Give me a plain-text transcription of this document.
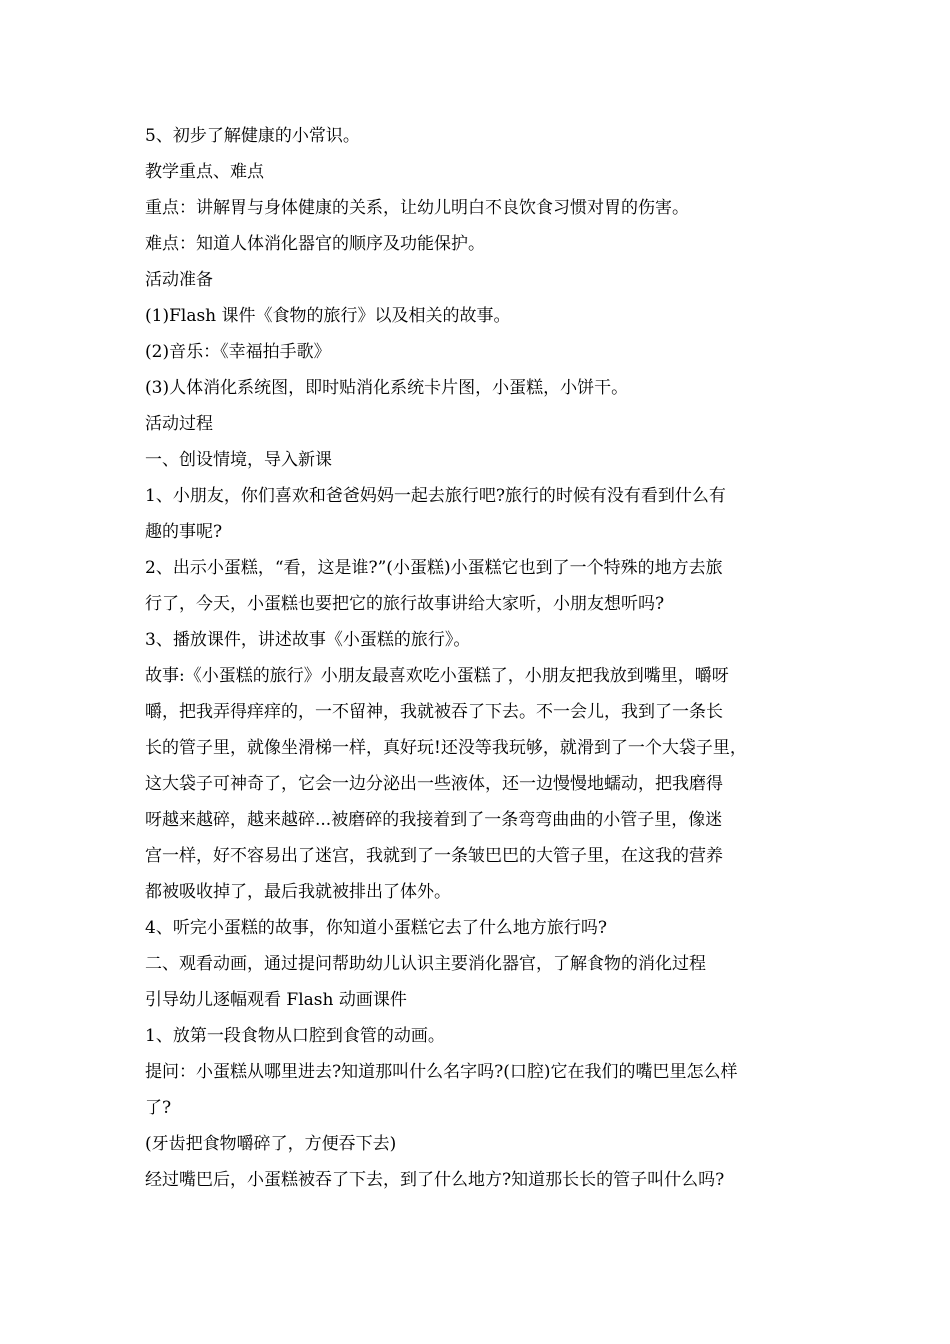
5、初步了解健康的小常识。
教学重点、难点
重点：讲解胃与身体健康的关系，让幼儿明白不良饮食习惯对胃的伤害。
难点：知道人体消化器官的顺序及功能保护。
活动准备
(1)Flash 课件《食物的旅行》以及相关的故事。
(2)音乐：《幸福拍手歌》
(3)人体消化系统图，即时贴消化系统卡片图，小蛋糕，小饼干。
活动过程
一、创设情境，导入新课
1、小朋友，你们喜欢和爸爸妈妈一起去旅行吧?旅行的时候有没有看到什么有
趣的事呢?
2、出示小蛋糕，“看，这是谁?”(小蛋糕)小蛋糕它也到了一个特殊的地方去旅
行了，今天，小蛋糕也要把它的旅行故事讲给大家听，小朋友想听吗?
3、播放课件，讲述故事《小蛋糕的旅行》。
故事:《小蛋糕的旅行》小朋友最喜欢吃小蛋糕了，小朋友把我放到嘴里，嚼呀
嚼，把我弄得痒痒的，一不留神，我就被吞了下去。不一会儿，我到了一条长
长的管子里，就像坐滑梯一样，真好玩!还没等我玩够，就滑到了一个大袋子里，
这大袋子可神奇了，它会一边分泌出一些液体，还一边慢慢地蠕动，把我磨得
呀越来越碎，越来越碎...被磨碎的我接着到了一条弯弯曲曲的小管子里，像迷
宫一样，好不容易出了迷宫，我就到了一条皱巴巴的大管子里，在这我的营养
都被吸收掉了，最后我就被排出了体外。
4、听完小蛋糕的故事，你知道小蛋糕它去了什么地方旅行吗?
二、观看动画，通过提问帮助幼儿认识主要消化器官，了解食物的消化过程
引导幼儿逐幅观看 Flash 动画课件
1、放第一段食物从口腔到食管的动画。
提问：小蛋糕从哪里进去?知道那叫什么名字吗?(口腔)它在我们的嘴巴里怎么样
了?
(牙齿把食物嚼碎了，方便吞下去)
经过嘴巴后，小蛋糕被吞了下去，到了什么地方?知道那长长的管子叫什么吗?
